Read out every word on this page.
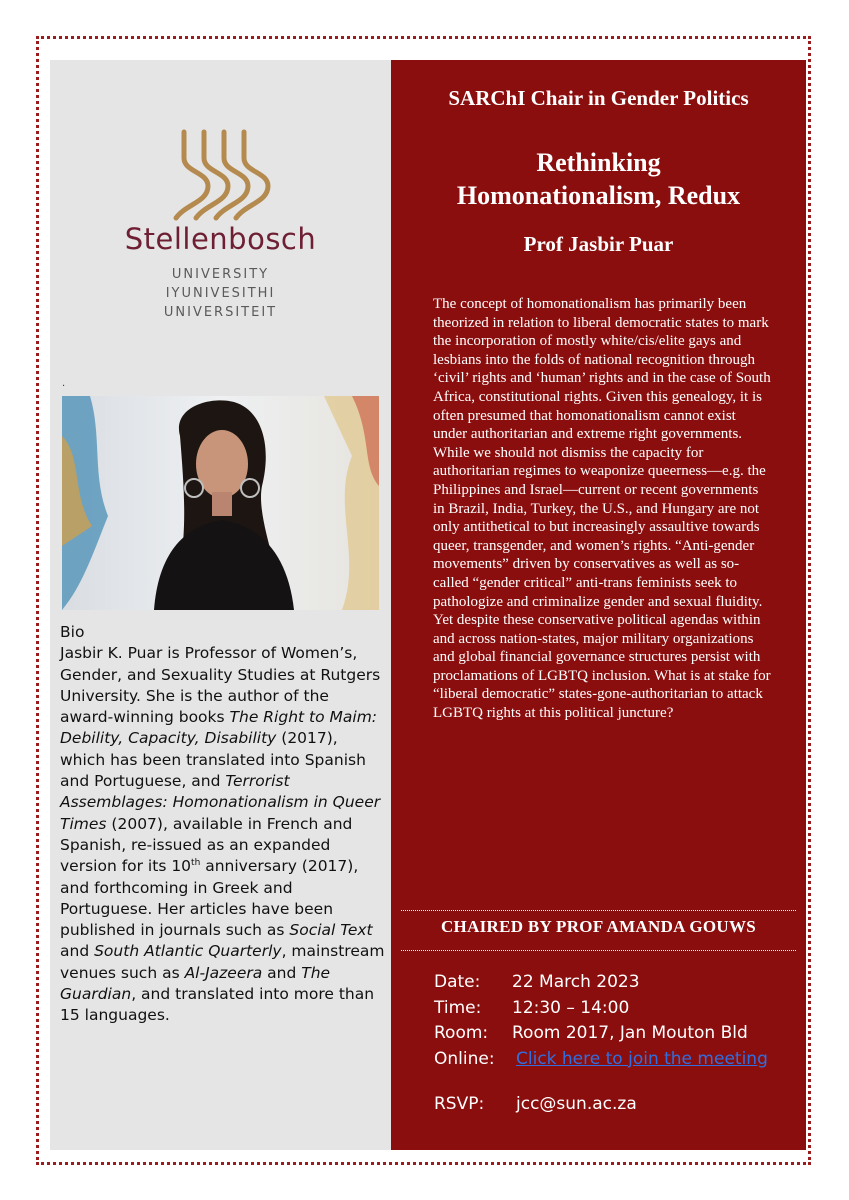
Stellenbosch
UNIVERSITY
IYUNIVESITHI
UNIVERSITEIT
.

Bio

Jasbir K. Puar is Professor of Women’s, Gender, and Sexuality Studies at Rutgers University. She is the author of the award-winning books The Right to Maim: Debility, Capacity, Disability (2017), which has been translated into Spanish and Portuguese, and Terrorist Assemblages: Homonationalism in Queer Times (2007), available in French and Spanish, re-issued as an expanded version for its 10th anniversary (2017), and forthcoming in Greek and Portuguese. Her articles have been published in journals such as Social Text and South Atlantic Quarterly, mainstream venues such as Al-Jazeera and The Guardian, and translated into more than 15 languages.

SARChI Chair in Gender Politics
Rethinking
Homonationalism, Redux
Prof Jasbir Puar

The concept of homonationalism has primarily been theorized in relation to liberal democratic states to mark the incorporation of mostly white/cis/elite gays and lesbians into the folds of national recognition through ‘civil’ rights and ‘human’ rights and in the case of South Africa, constitutional rights. Given this genealogy, it is often presumed that homonationalism cannot exist under authoritarian and extreme right governments. While we should not dismiss the capacity for authoritarian regimes to weaponize queerness—e.g. the Philippines and Israel—current or recent governments in Brazil, India, Turkey, the U.S., and Hungary are not only antithetical to but increasingly assaultive towards queer, transgender, and women’s rights. “Anti-gender movements” driven by conservatives as well as so-called “gender critical” anti-trans feminists seek to pathologize and criminalize gender and sexual fluidity. Yet despite these conservative political agendas within and across nation-states, major military organizations and global financial governance structures persist with proclamations of LGBTQ inclusion. What is at stake for “liberal democratic” states-gone-authoritarian to attack LGBTQ rights at this political juncture?

CHAIRED BY PROF AMANDA GOUWS
Date:	22 March 2023
Time:	12:30 – 14:00
Room:	Room 2017, Jan Mouton Bld
Online:	Click here to join the meeting
RSVP:	jcc@sun.ac.za
